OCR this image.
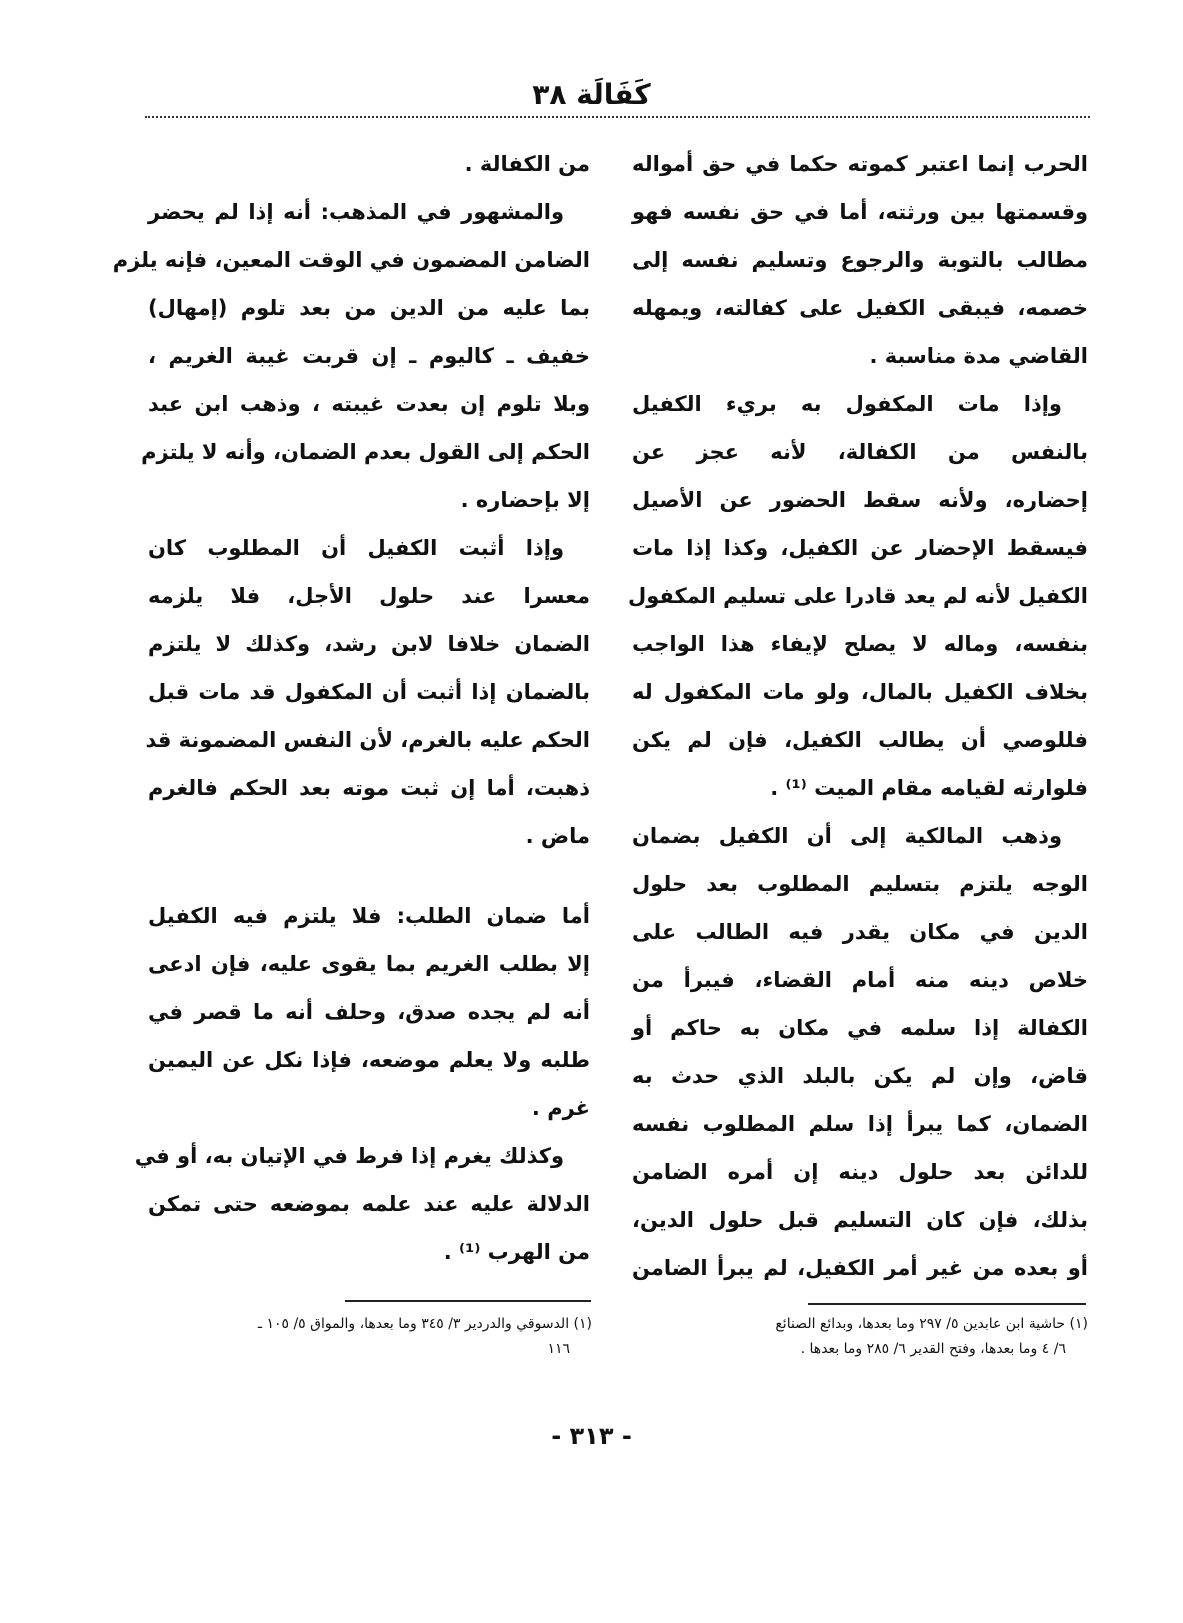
كَفَالَة ٣٨
الحرب إنما اعتبر كموته حكما في حق أمواله
وقسمتها بين ورثته، أما في حق نفسه فهو
مطالب بالتوبة والرجوع وتسليم نفسه إلى
خصمه، فيبقى الكفيل على كفالته، ويمهله
القاضي مدة مناسبة .
وإذا مات المكفول به بريء الكفيل
بالنفس من الكفالة، لأنه عجز عن
إحضاره، ولأنه سقط الحضور عن الأصيل
فيسقط الإحضار عن الكفيل، وكذا إذا مات
الكفيل لأنه لم يعد قادرا على تسليم المكفول
بنفسه، وماله لا يصلح لإيفاء هذا الواجب
بخلاف الكفيل بالمال، ولو مات المكفول له
فللوصي أن يطالب الكفيل، فإن لم يكن
فلوارثه لقيامه مقام الميت ⁽¹⁾ .
وذهب المالكية إلى أن الكفيل بضمان
الوجه يلتزم بتسليم المطلوب بعد حلول
الدين في مكان يقدر فيه الطالب على
خلاص دينه منه أمام القضاء، فيبرأ من
الكفالة إذا سلمه في مكان به حاكم أو
قاض، وإن لم يكن بالبلد الذي حدث به
الضمان، كما يبرأ إذا سلم المطلوب نفسه
للدائن بعد حلول دينه إن أمره الضامن
بذلك، فإن كان التسليم قبل حلول الدين،
أو بعده من غير أمر الكفيل، لم يبرأ الضامن
من الكفالة .
والمشهور في المذهب: أنه إذا لم يحضر
الضامن المضمون في الوقت المعين، فإنه يلزم
بما عليه من الدين من بعد تلوم (إمهال)
خفيف ـ كاليوم ـ إن قربت غيبة الغريم ،
وبلا تلوم إن بعدت غيبته ، وذهب ابن عبد
الحكم إلى القول بعدم الضمان، وأنه لا يلتزم
إلا بإحضاره .
وإذا أثبت الكفيل أن المطلوب كان
معسرا عند حلول الأجل، فلا يلزمه
الضمان خلافا لابن رشد، وكذلك لا يلتزم
بالضمان إذا أثبت أن المكفول قد مات قبل
الحكم عليه بالغرم، لأن النفس المضمونة قد
ذهبت، أما إن ثبت موته بعد الحكم فالغرم
ماض .
أما ضمان الطلب: فلا يلتزم فيه الكفيل
إلا بطلب الغريم بما يقوى عليه، فإن ادعى
أنه لم يجده صدق، وحلف أنه ما قصر في
طلبه ولا يعلم موضعه، فإذا نكل عن اليمين
غرم .
وكذلك يغرم إذا فرط في الإتيان به، أو في
الدلالة عليه عند علمه بموضعه حتى تمكن
من الهرب ⁽¹⁾ .
(١) حاشية ابن عابدين ٥/ ٢٩٧ وما بعدها، وبدائع الصنائع
٦/ ٤ وما بعدها، وفتح القدير ٦/ ٢٨٥ وما بعدها .
(١) الدسوقي والدردير ٣/ ٣٤٥ وما بعدها، والمواق ٥/ ١٠٥ ـ
١١٦
- ٣١٣ -
